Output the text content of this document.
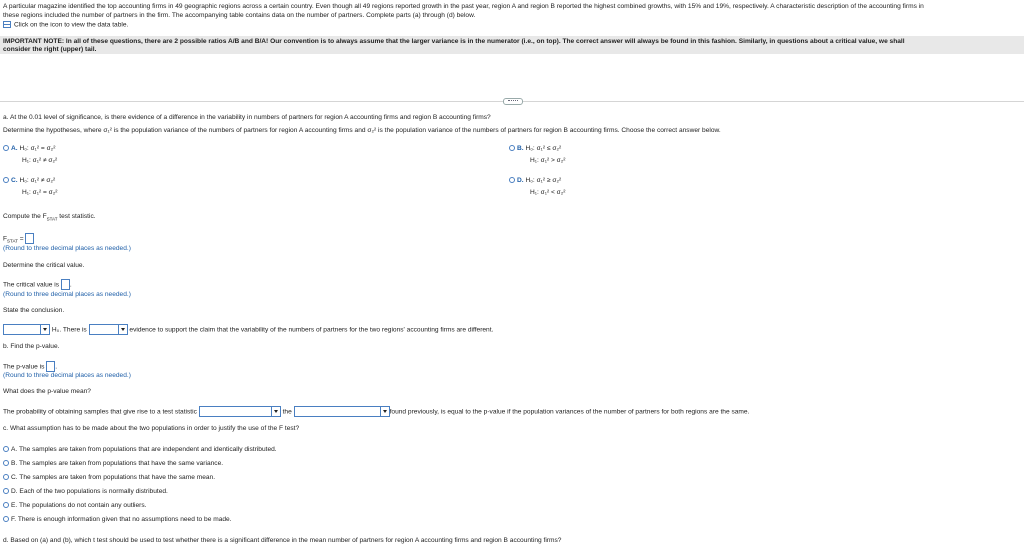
A particular magazine identified the top accounting firms in 49 geographic regions across a certain country. Even though all 49 regions reported growth in the past year, region A and region B reported the highest combined growths, with 15% and 19%, respectively. A characteristic description of the accounting firms in
these regions included the number of partners in the firm. The accompanying table contains data on the number of partners. Complete parts (a) through (d) below.
Click on the icon to view the data table.
IMPORTANT NOTE: In all of these questions, there are 2 possible ratios A/B and B/A! Our convention is to always assume that the larger variance is in the numerator (i.e., on top). The correct answer will always be found in this fashion. Similarly, in questions about a critical value, we shall
consider the right (upper) tail.
a. At the 0.01 level of significance, is there evidence of a difference in the variability in numbers of partners for region A accounting firms and region B accounting firms?
Determine the hypotheses, where σ₁² is the population variance of the numbers of partners for region A accounting firms and σ₂² is the population variance of the numbers of partners for region B accounting firms. Choose the correct answer below.
A. H₀: σ₁² = σ₂²
H₁: σ₁² ≠ σ₂²
B. H₀: σ₁² ≤ σ₂²
H₁: σ₁² > σ₂²
C. H₀: σ₁² ≠ σ₂²
H₁: σ₁² = σ₂²
D. H₀: σ₁² ≥ σ₂²
H₁: σ₁² < σ₂²
Compute the $F_{STAT}$ test statistic.
$F_{STAT}$ =
(Round to three decimal places as needed.)
Determine the critical value.
The critical value is .
(Round to three decimal places as needed.)
State the conclusion.
H₀. There is	evidence to support the claim that the variability of the numbers of partners for the two regions' accounting firms are different.
b. Find the p-value.
The p-value is .
(Round to three decimal places as needed.)
What does the p-value mean?
The probability of obtaining samples that give rise to a test statistic	the	found previously, is equal to the p-value if the population variances of the number of partners for both regions are the same.
c. What assumption has to be made about the two populations in order to justify the use of the F test?
A. The samples are taken from populations that are independent and identically distributed.
B. The samples are taken from populations that have the same variance.
C. The samples are taken from populations that have the same mean.
D. Each of the two populations is normally distributed.
E. The populations do not contain any outliers.
F. There is enough information given that no assumptions need to be made.
d. Based on (a) and (b), which t test should be used to test whether there is a significant difference in the mean number of partners for region A accounting firms and region B accounting firms?
